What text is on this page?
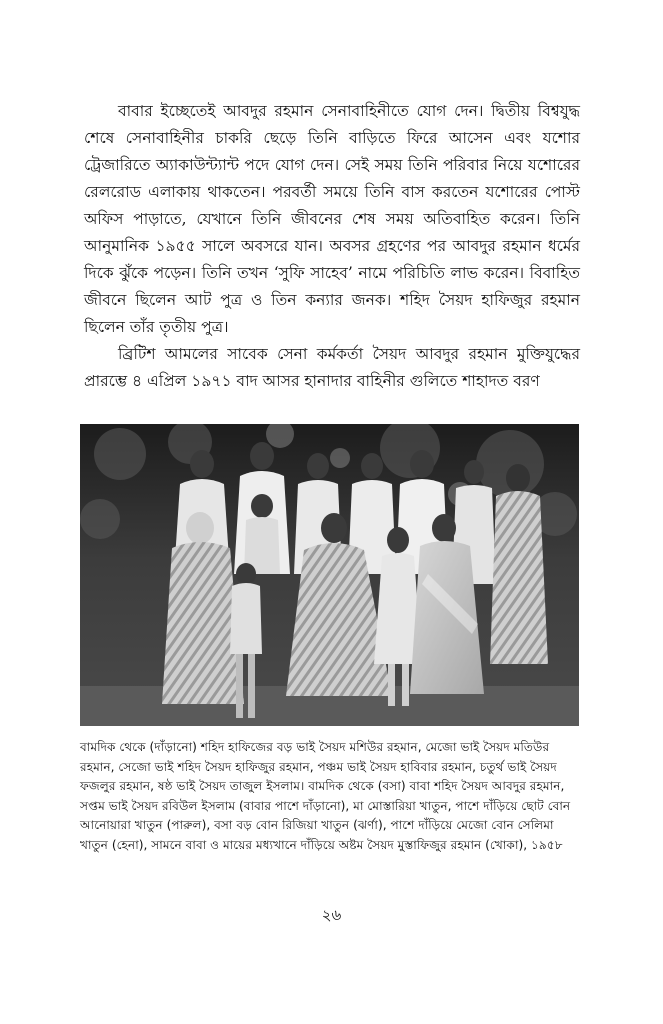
বাবার ইচ্ছেতেই আবদুর রহমান সেনাবাহিনীতে যোগ দেন। দ্বিতীয় বিশ্বযুদ্ধ শেষে সেনাবাহিনীর চাকরি ছেড়ে তিনি বাড়িতে ফিরে আসেন এবং যশোর ট্রেজারিতে অ্যাকাউন্ট্যান্ট পদে যোগ দেন। সেই সময় তিনি পরিবার নিয়ে যশোরের রেলরোড এলাকায় থাকতেন। পরবর্তী সময়ে তিনি বাস করতেন যশোরের পোস্ট অফিস পাড়াতে, যেখানে তিনি জীবনের শেষ সময় অতিবাহিত করেন। তিনি আনুমানিক ১৯৫৫ সালে অবসরে যান। অবসর গ্রহণের পর আবদুর রহমান ধর্মের দিকে ঝুঁকে পড়েন। তিনি তখন ‘সুফি সাহেব’ নামে পরিচিতি লাভ করেন। বিবাহিত জীবনে ছিলেন আট পুত্র ও তিন কন্যার জনক। শহিদ সৈয়দ হাফিজুর রহমান ছিলেন তাঁর তৃতীয় পুত্র।

ব্রিটিশ আমলের সাবেক সেনা কর্মকর্তা সৈয়দ আবদুর রহমান মুক্তিযুদ্ধের প্রারম্ভে ৪ এপ্রিল ১৯৭১ বাদ আসর হানাদার বাহিনীর গুলিতে শাহাদত বরণ

বামদিক থেকে (দাঁড়ানো) শহিদ হাফিজের বড় ভাই সৈয়দ মশিউর রহমান, মেজো ভাই সৈয়দ মতিউর রহমান, সেজো ভাই শহিদ সৈয়দ হাফিজুর রহমান, পঞ্চম ভাই সৈয়দ হাবিবার রহমান, চতুর্থ ভাই সৈয়দ ফজলুর রহমান, ষষ্ঠ ভাই সৈয়দ তাজুল ইসলাম। বামদিক থেকে (বসা) বাবা শহিদ সৈয়দ আবদুর রহমান, সপ্তম ভাই সৈয়দ রবিউল ইসলাম (বাবার পাশে দাঁড়ানো), মা মোস্তারিয়া খাতুন, পাশে দাঁড়িয়ে ছোট বোন আনোয়ারা খাতুন (পারুল), বসা বড় বোন রিজিয়া খাতুন (ঝর্ণা), পাশে দাঁড়িয়ে মেজো বোন সেলিমা খাতুন (হেনা), সামনে বাবা ও মায়ের মধ্যখানে দাঁড়িয়ে অষ্টম সৈয়দ মুস্তাফিজুর রহমান (খোকা), ১৯৫৮

২৬
